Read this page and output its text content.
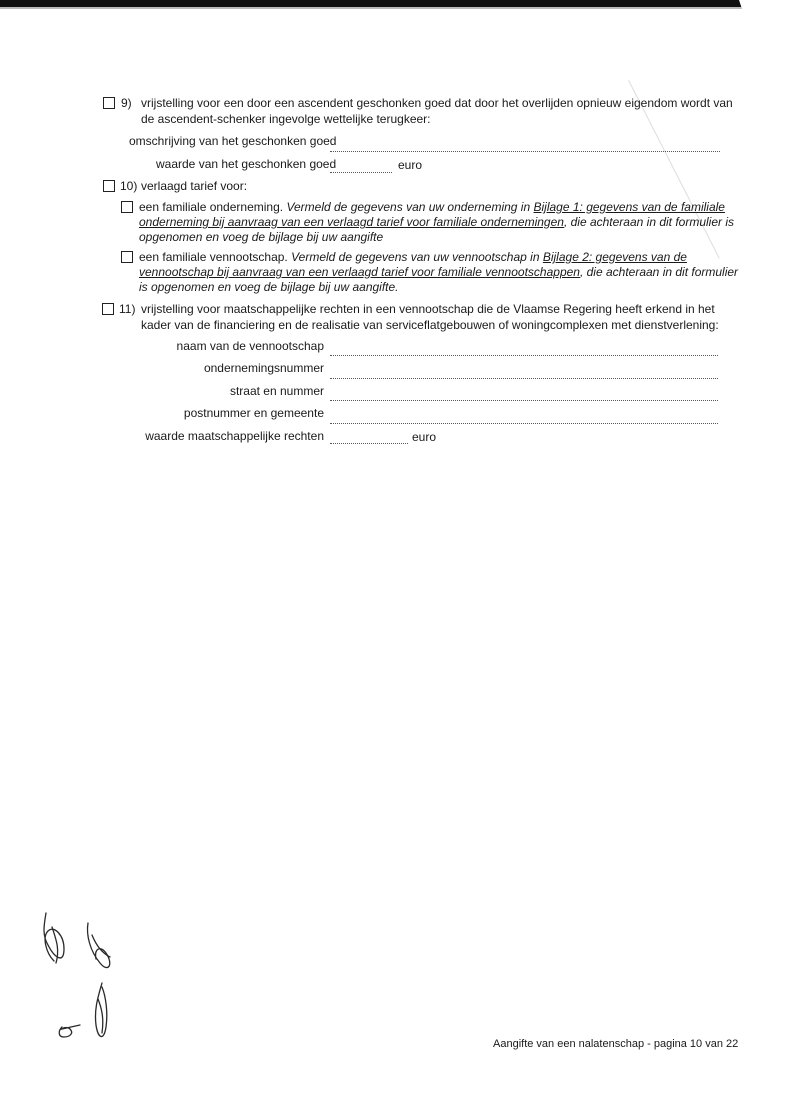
9) vrijstelling voor een door een ascendent geschonken goed dat door het overlijden opnieuw eigendom wordt van
de ascendent-schenker ingevolge wettelijke terugkeer:
omschrijving van het geschonken goed
waarde van het geschonken goed	euro
10) verlaagd tarief voor:
een familiale onderneming. Vermeld de gegevens van uw onderneming in Bijlage 1: gegevens van de familiale
onderneming bij aanvraag van een verlaagd tarief voor familiale ondernemingen, die achteraan in dit formulier is
opgenomen en voeg de bijlage bij uw aangifte
een familiale vennootschap. Vermeld de gegevens van uw vennootschap in Bijlage 2: gegevens van de
vennootschap bij aanvraag van een verlaagd tarief voor familiale vennootschappen, die achteraan in dit formulier
is opgenomen en voeg de bijlage bij uw aangifte.
11) vrijstelling voor maatschappelijke rechten in een vennootschap die de Vlaamse Regering heeft erkend in het
kader van de financiering en de realisatie van serviceflatgebouwen of woningcomplexen met dienstverlening:
naam van de vennootschap
ondernemingsnummer
straat en nummer
postnummer en gemeente
waarde maatschappelijke rechten	euro
Aangifte van een nalatenschap - pagina 10 van 22
